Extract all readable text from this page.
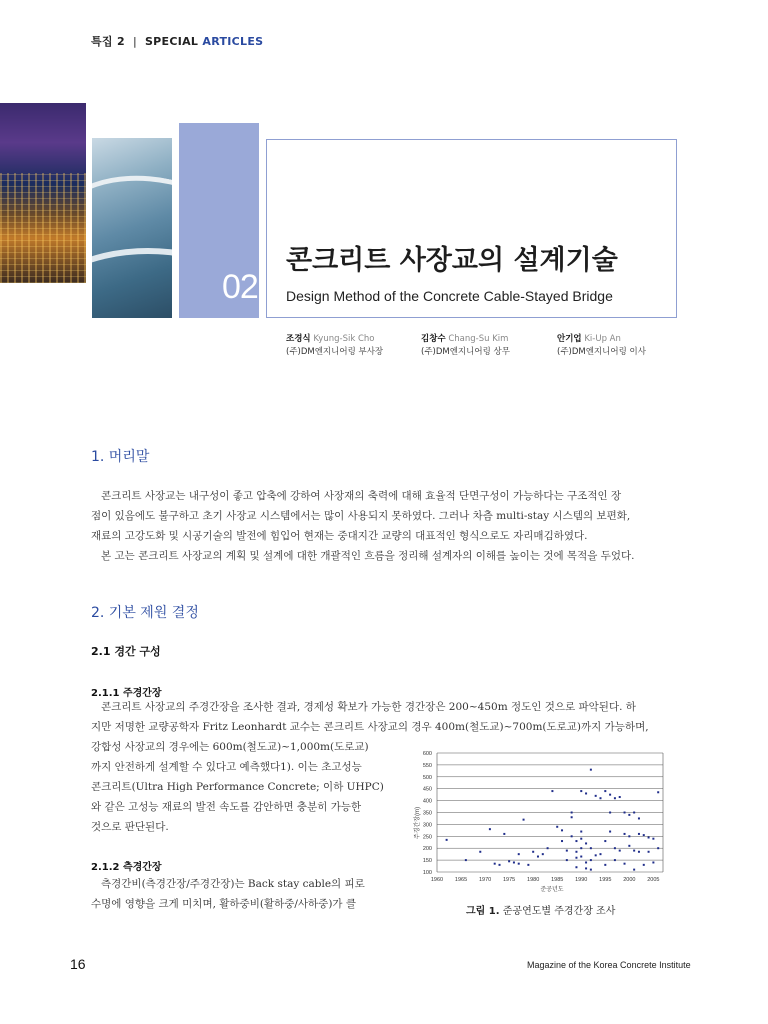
특집 2 | SPECIAL ARTICLES
02
콘크리트 사장교의 설계기술
Design Method of the Concrete Cable-Stayed Bridge
조경식 Kyung-Sik Cho
(주)DM엔지니어링 부사장
김창수 Chang-Su Kim
(주)DM엔지니어링 상무
안기업 Ki-Up An
(주)DM엔지니어링 이사
1. 머리말
콘크리트 사장교는 내구성이 좋고 압축에 강하여 사장재의 축력에 대해 효율적 단면구성이 가능하다는 구조적인 장
점이 있음에도 불구하고 초기 사장교 시스템에서는 많이 사용되지 못하였다. 그러나 차츰 multi-stay 시스템의 보편화,
재료의 고강도화 및 시공기술의 발전에 힘입어 현재는 중대지간 교량의 대표적인 형식으로도 자리매김하였다.
본 고는 콘크리트 사장교의 계획 및 설계에 대한 개괄적인 흐름을 정리해 설계자의 이해를 높이는 것에 목적을 두었다.
2. 기본 제원 결정
2.1 경간 구성
2.1.1 주경간장
콘크리트 사장교의 주경간장을 조사한 결과, 경제성 확보가 가능한 경간장은 200~450m 정도인 것으로 파악된다. 하
지만 저명한 교량공학자 Fritz Leonhardt 교수는 콘크리트 사장교의 경우 400m(철도교)~700m(도로교)까지 가능하며,
강합성 사장교의 경우에는 600m(철도교)~1,000m(도로교)
까지 안전하게 설계할 수 있다고 예측했다1). 이는 초고성능
콘크리트(Ultra High Performance Concrete; 이하 UHPC)
와 같은 고성능 재료의 발전 속도를 감안하면 충분히 가능한
것으로 판단된다.
2.1.2 측경간장
측경간비(측경간장/주경간장)는 Back stay cable의 피로
수명에 영향을 크게 미치며, 활하중비(활하중/사하중)가 클
100
150
200
250
300
350
400
450
500
550
600
1960 1965 1970 1975 1980 1985 1990 1995 2000 2005
주경간장(m)
준공년도
그림 1. 준공연도별 주경간장 조사
16	Magazine of the Korea Concrete Institute
